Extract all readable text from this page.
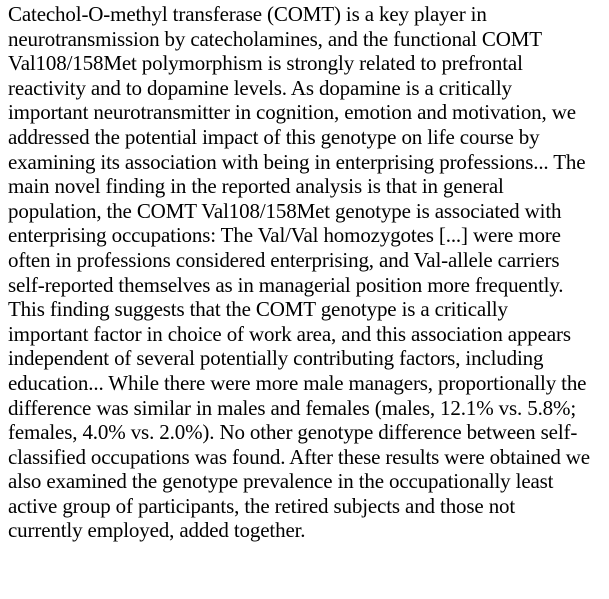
Catechol-O-methyl transferase (COMT) is a key player in

neurotransmission by catecholamines, and the functional COMT

Val108/158Met polymorphism is strongly related to prefrontal

reactivity and to dopamine levels. As dopamine is a critically

important neurotransmitter in cognition, emotion and motivation, we

addressed the potential impact of this genotype on life course by

examining its association with being in enterprising professions... The

main novel finding in the reported analysis is that in general

population, the COMT Val108/158Met genotype is associated with

enterprising occupations: The Val/Val homozygotes [...] were more

often in professions considered enterprising, and Val-allele carriers

self-reported themselves as in managerial position more frequently.

This finding suggests that the COMT genotype is a critically

important factor in choice of work area, and this association appears

independent of several potentially contributing factors, including

education... While there were more male managers, proportionally the

difference was similar in males and females (males, 12.1% vs. 5.8%;

females, 4.0% vs. 2.0%). No other genotype difference between self-

classified occupations was found. After these results were obtained we

also examined the genotype prevalence in the occupationally least

active group of participants, the retired subjects and those not

currently employed, added together.
